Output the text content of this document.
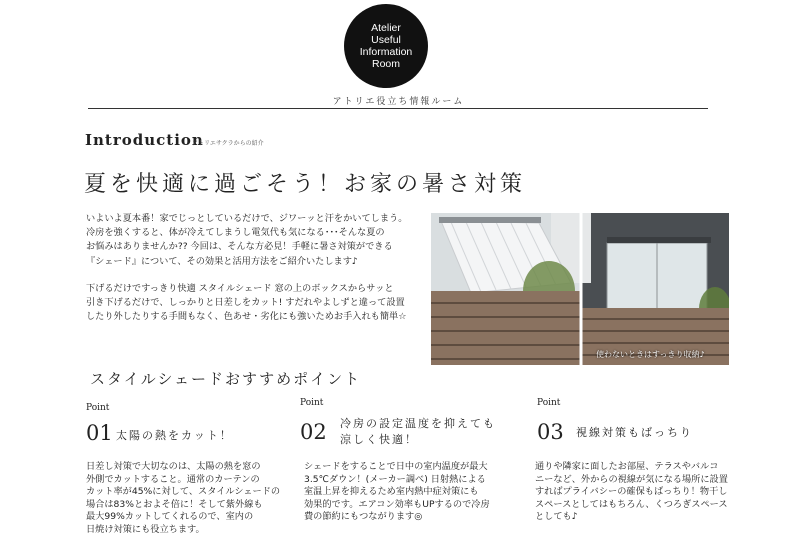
Atelier
Useful
Information
Room
アトリエ役立ち情報ルーム
Introduction
アトリエサクラからの紹介
夏を快適に過ごそう！お家の暑さ対策

いよいよ夏本番！家でじっとしているだけで、ジワーッと汗をかいてしまう。

冷房を強くすると、体が冷えてしまうし電気代も気になる･･･そんな夏の

お悩みはありませんか?? 今回は、そんな方必見！手軽に暑さ対策ができる

『シェード』について、その効果と活用方法をご紹介いたします♪

下げるだけですっきり快適 スタイルシェード 窓の上のボックスからサッと

引き下げるだけで、しっかりと日差しをカット! すだれやよしずと違って設置

したり外したりする手間もなく、色あせ・劣化にも強いためお手入れも簡単☆

使わないときはすっきり収納♪
スタイルシェードおすすめポイント
Point
01 太陽の熱をカット！

日差し対策で大切なのは、太陽の熱を窓の

外側でカットすること。通常のカーテンの

カット率が45%に対して、スタイルシェードの

場合は83%とおよそ倍に！そして紫外線も

最大99%カットしてくれるので、室内の

日焼け対策にも役立ちます。

Point
02 冷房の設定温度を抑えても
涼しく快適！

シェードをすることで日中の室内温度が最大

3.5℃ダウン！(メーカー調べ) 日射熱による

室温上昇を抑えるため室内熱中症対策にも

効果的です。エアコン効率もUPするので冷房

費の節約にもつながります◎

Point
03 視線対策もばっちり

通りや隣家に面したお部屋、テラスやバルコ

ニーなど、外からの視線が気になる場所に設置

すればプライバシーの確保もばっちり！物干し

スペースとしてはもちろん、くつろぎスペース

としても♪
